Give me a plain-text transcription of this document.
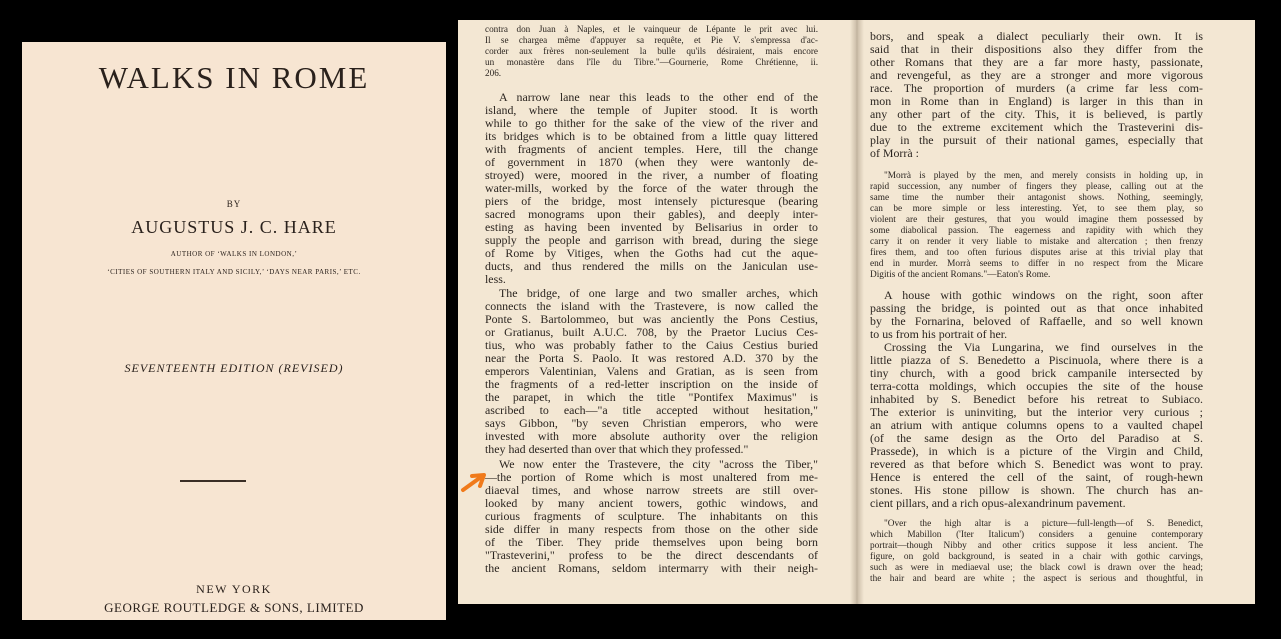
WALKS IN ROME
BY
AUGUSTUS J. C. HARE
AUTHOR OF ‘WALKS IN LONDON,’
‘CITIES OF SOUTHERN ITALY AND SICILY,’ ‘DAYS NEAR PARIS,’ ETC.
SEVENTEENTH EDITION (REVISED)
NEW YORK
GEORGE ROUTLEDGE & SONS, LIMITED
contra don Juan à Naples, et le vainqueur de Lépante le prit avec lui.
Il se chargea même d'appuyer sa requête, et Pie V. s'empressa d'ac-
corder aux frères non-seulement la bulle qu'ils désiraient, mais encore
un monastère dans l'île du Tibre."—Gournerie, Rome Chrétienne, ii.
206.
A narrow lane near this leads to the other end of the
island, where the temple of Jupiter stood. It is worth
while to go thither for the sake of the view of the river and
its bridges which is to be obtained from a little quay littered
with fragments of ancient temples. Here, till the change
of government in 1870 (when they were wantonly de-
stroyed) were, moored in the river, a number of floating
water-mills, worked by the force of the water through the
piers of the bridge, most intensely picturesque (bearing
sacred monograms upon their gables), and deeply inter-
esting as having been invented by Belisarius in order to
supply the people and garrison with bread, during the siege
of Rome by Vitiges, when the Goths had cut the aque-
ducts, and thus rendered the mills on the Janiculan use-
less.
The bridge, of one large and two smaller arches, which
connects the island with the Trastevere, is now called the
Ponte S. Bartolommeo, but was anciently the Pons Cestius,
or Gratianus, built A.U.C. 708, by the Praetor Lucius Ces-
tius, who was probably father to the Caius Cestius buried
near the Porta S. Paolo. It was restored A.D. 370 by the
emperors Valentinian, Valens and Gratian, as is seen from
the fragments of a red-letter inscription on the inside of
the parapet, in which the title "Pontifex Maximus" is
ascribed to each—"a title accepted without hesitation,"
says Gibbon, "by seven Christian emperors, who were
invested with more absolute authority over the religion
they had deserted than over that which they professed."
We now enter the Trastevere, the city "across the Tiber,"
—the portion of Rome which is most unaltered from me-
diaeval times, and whose narrow streets are still over-
looked by many ancient towers, gothic windows, and
curious fragments of sculpture. The inhabitants on this
side differ in many respects from those on the other side
of the Tiber. They pride themselves upon being born
"Trasteverini," profess to be the direct descendants of
the ancient Romans, seldom intermarry with their neigh-
bors, and speak a dialect peculiarly their own. It is
said that in their dispositions also they differ from the
other Romans that they are a far more hasty, passionate,
and revengeful, as they are a stronger and more vigorous
race. The proportion of murders (a crime far less com-
mon in Rome than in England) is larger in this than in
any other part of the city. This, it is believed, is partly
due to the extreme excitement which the Trasteverini dis-
play in the pursuit of their national games, especially that
of Morrà :
"Morrà is played by the men, and merely consists in holding up, in
rapid succession, any number of fingers they please, calling out at the
same time the number their antagonist shows. Nothing, seemingly,
can be more simple or less interesting. Yet, to see them play, so
violent are their gestures, that you would imagine them possessed by
some diabolical passion. The eagerness and rapidity with which they
carry it on render it very liable to mistake and altercation ; then frenzy
fires them, and too often furious disputes arise at this trivial play that
end in murder. Morrà seems to differ in no respect from the Micare
Digitis of the ancient Romans."—Eaton's Rome.
A house with gothic windows on the right, soon after
passing the bridge, is pointed out as that once inhabited
by the Fornarina, beloved of Raffaelle, and so well known
to us from his portrait of her.
Crossing the Via Lungarina, we find ourselves in the
little piazza of S. Benedetto a Piscinuola, where there is a
tiny church, with a good brick campanile intersected by
terra-cotta moldings, which occupies the site of the house
inhabited by S. Benedict before his retreat to Subiaco.
The exterior is uninviting, but the interior very curious ;
an atrium with antique columns opens to a vaulted chapel
(of the same design as the Orto del Paradiso at S.
Prassede), in which is a picture of the Virgin and Child,
revered as that before which S. Benedict was wont to pray.
Hence is entered the cell of the saint, of rough-hewn
stones. His stone pillow is shown. The church has an-
cient pillars, and a rich opus-alexandrinum pavement.
"Over the high altar is a picture—full-length—of S. Benedict,
which Mabillon ('Iter Italicum') considers a genuine contemporary
portrait—though Nibby and other critics suppose it less ancient. The
figure, on gold background, is seated in a chair with gothic carvings,
such as were in mediaeval use; the black cowl is drawn over the head;
the hair and beard are white ; the aspect is serious and thoughtful, in
